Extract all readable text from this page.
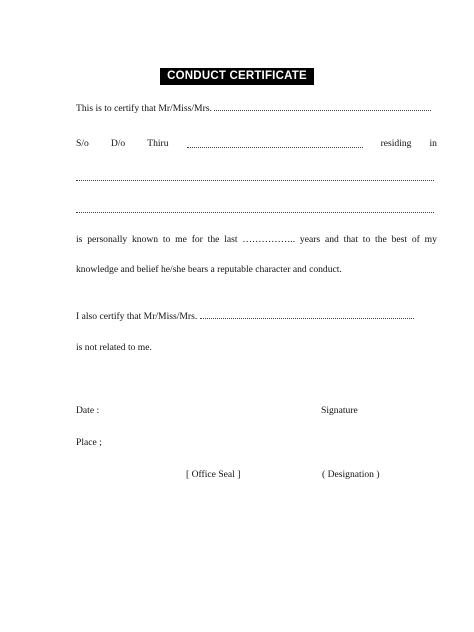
CONDUCT CERTIFICATE
This is to certify that Mr/Miss/Mrs.
S/o D/o Thiru	residing in
is personally known to me for the last …………….. years and that to the best of my
knowledge and belief he/she bears a reputable character and conduct.
I also certify that Mr/Miss/Mrs.
is not related to me.
Date :	Signature
Place ;
[ Office Seal ]	( Designation )
